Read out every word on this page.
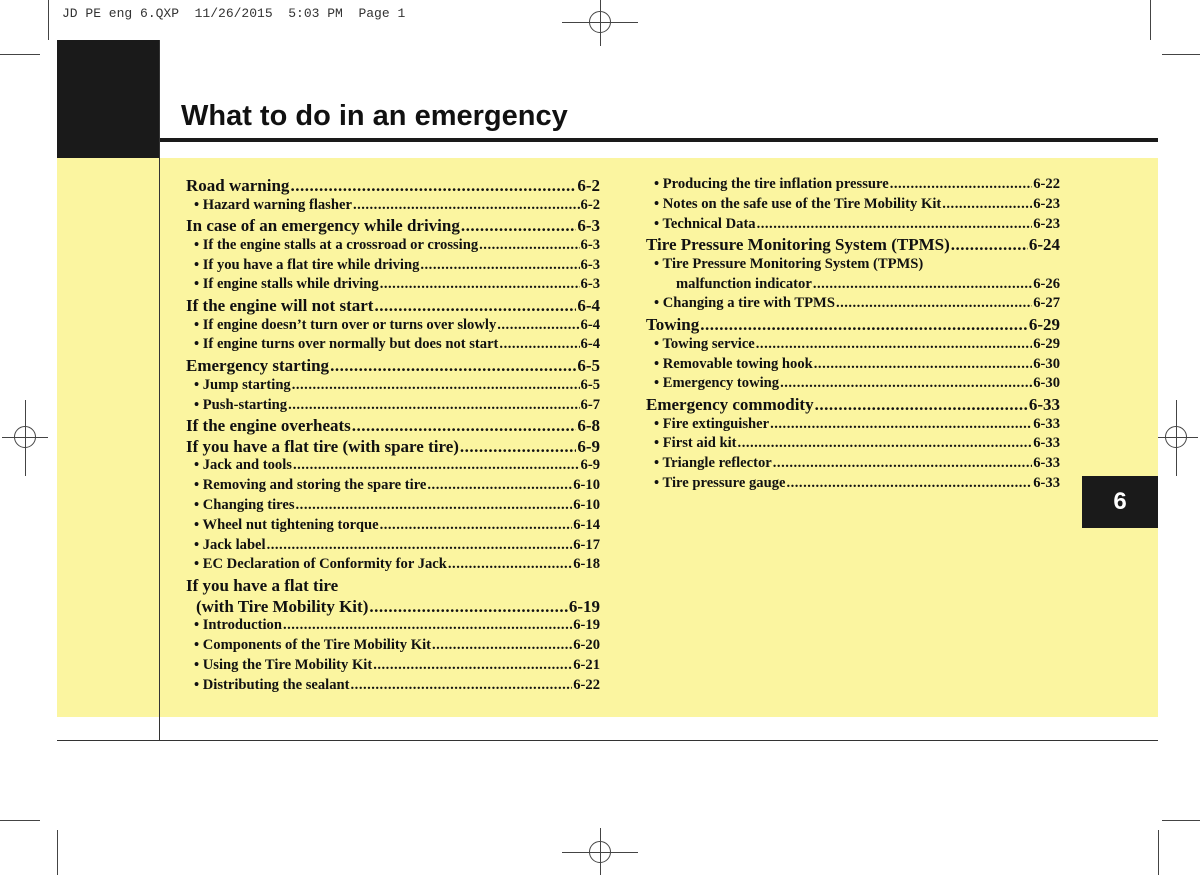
JD PE eng 6.QXP  11/26/2015  5:03 PM  Page 1
What to do in an emergency
6
Road warning .....	6-2
• Hazard warning flasher .....	6-2
In case of an emergency while driving .....	6-3
• If the engine stalls at a crossroad or crossing .....	6-3
• If you have a flat tire while driving .....	6-3
• If engine stalls while driving .....	6-3
If the engine will not start .....	6-4
• If engine doesn’t turn over or turns over slowly .....	6-4
• If engine turns over normally but does not start .....	6-4
Emergency starting .....	6-5
• Jump starting .....	6-5
• Push-starting .....	6-7
If the engine overheats .....	6-8
If you have a flat tire (with spare tire) .....	6-9
• Jack and tools .....	6-9
• Removing and storing the spare tire .....	6-10
• Changing tires .....	6-10
• Wheel nut tightening torque .....	6-14
• Jack label .....	6-17
• EC Declaration of Conformity for Jack .....	6-18
If you have a flat tire
(with Tire Mobility Kit) .....	6-19
• Introduction .....	6-19
• Components of the Tire Mobility Kit .....	6-20
• Using the Tire Mobility Kit .....	6-21
• Distributing the sealant .....	6-22
• Producing the tire inflation pressure .....	6-22
• Notes on the safe use of the Tire Mobility Kit .....	6-23
• Technical Data .....	6-23
Tire Pressure Monitoring System (TPMS) .....	6-24
• Tire Pressure Monitoring System (TPMS)
malfunction indicator .....	6-26
• Changing a tire with TPMS .....	6-27
Towing .....	6-29
• Towing service .....	6-29
• Removable towing hook .....	6-30
• Emergency towing .....	6-30
Emergency commodity .....	6-33
• Fire extinguisher .....	6-33
• First aid kit .....	6-33
• Triangle reflector .....	6-33
• Tire pressure gauge .....	6-33
